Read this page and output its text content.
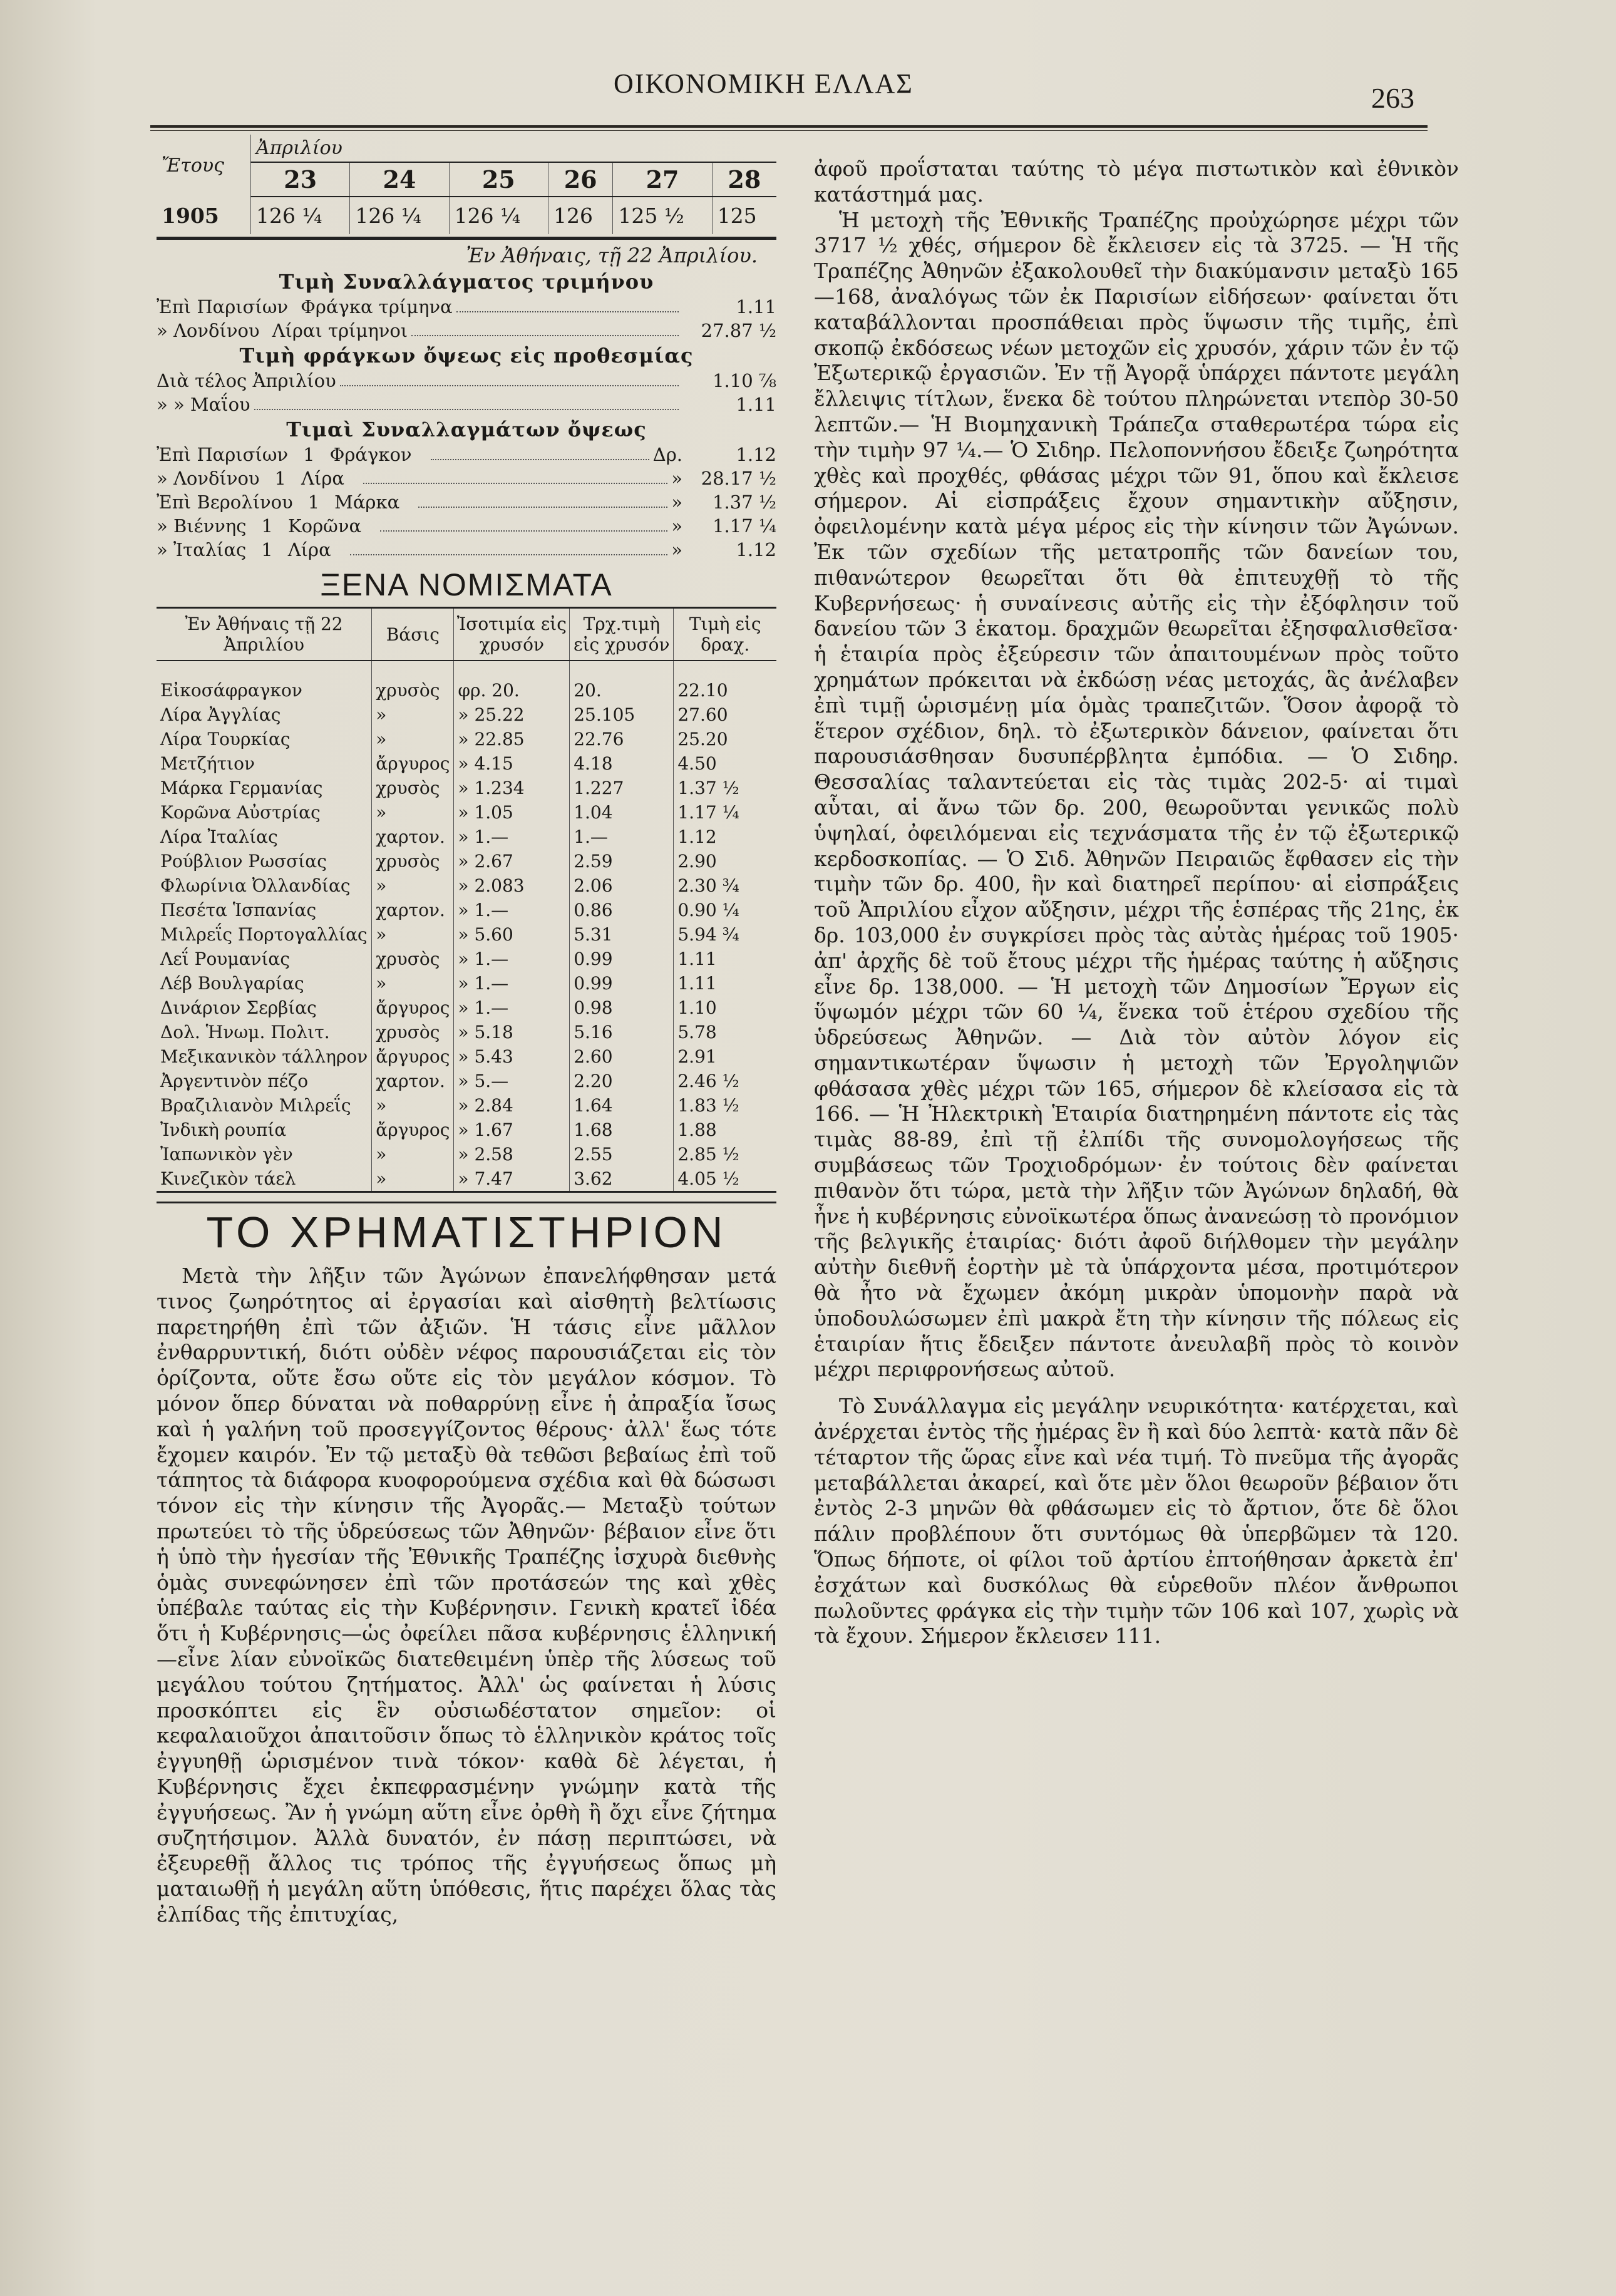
ΟΙΚΟΝΟΜΙΚΗ ΕΛΛΑΣ	263
Ἔτους	Ἀπριλίου					
	23	24	25	26	27	28
1905	126 ¼	126 ¼	126 ¼	126	125 ½	125
Ἐν Ἀθήναις, τῇ 22 Ἀπριλίου.
Τιμὴ Συναλλάγματος τριμήνου
Ἐπὶ Παρισίων Φράγκα τρίμηνα	1.11
» Λονδίνου Λίραι τρίμηνοι	27.87 ½
Τιμὴ φράγκων ὄψεως εἰς προθεσμίας
Διὰ τέλος Ἀπριλίου	1.10 ⅞
» » Μαΐου	1.11
Τιμαὶ Συναλλαγμάτων ὄψεως
Ἐπὶ Παρισίων 1 Φράγκον	Δρ.	1.12
» Λονδίνου 1 Λίρα	»	28.17 ½
Ἐπὶ Βερολίνου 1 Μάρκα	»	1.37 ½
» Βιέννης 1 Κορῶνα	»	1.17 ¼
» Ἰταλίας 1 Λίρα	»	1.12
ΞΕΝΑ ΝΟΜΙΣΜΑΤΑ
Ἐν Ἀθήναις τῇ 22 Ἀπριλίου	Βάσις	Ἰσοτιμία εἰς χρυσόν	Τρχ.τιμὴ εἰς χρυσόν	Τιμὴ εἰς δραχ.
Εἰκοσάφραγκον	χρυσὸς	φρ. 20.	20.	22.10
Λίρα Ἀγγλίας	»	» 25.22	25.105	27.60
Λίρα Τουρκίας	»	» 22.85	22.76	25.20
Μετζήτιον	ἄργυρος	» 4.15	4.18	4.50
Μάρκα Γερμανίας	χρυσὸς	» 1.234	1.227	1.37 ½
Κορῶνα Αὐστρίας	»	» 1.05	1.04	1.17 ¼
Λίρα Ἰταλίας	χαρτον.	» 1.—	1.—	1.12
Ρούβλιον Ρωσσίας	χρυσὸς	» 2.67	2.59	2.90
Φλωρίνια Ὀλλανδίας	»	» 2.083	2.06	2.30 ¾
Πεσέτα Ἱσπανίας	χαρτον.	» 1.—	0.86	0.90 ¼
Μιλρεΐς Πορτογαλλίας	»	» 5.60	5.31	5.94 ¾
Λεΐ Ρουμανίας	χρυσὸς	» 1.—	0.99	1.11
Λέβ Βουλγαρίας	»	» 1.—	0.99	1.11
Δινάριον Σερβίας	ἄργυρος	» 1.—	0.98	1.10
Δολ. Ἡνωμ. Πολιτ.	χρυσὸς	» 5.18	5.16	5.78
Μεξικανικὸν τάλληρον	ἄργυρος	» 5.43	2.60	2.91
Ἀργεντινὸν πέζο	χαρτον.	» 5.—	2.20	2.46 ½
Βραζιλιανὸν Μιλρεΐς	»	» 2.84	1.64	1.83 ½
Ἰνδικὴ ρουπία	ἄργυρος	» 1.67	1.68	1.88
Ἰαπωνικὸν γὲν	»	» 2.58	2.55	2.85 ½
Κινεζικὸν τάελ	»	» 7.47	3.62	4.05 ½
ΤΟ ΧΡΗΜΑΤΙΣΤΗΡΙΟΝ

Μετὰ τὴν λῆξιν τῶν Ἀγώνων ἐπανελήφθησαν μετά τινος ζωηρότητος αἱ ἐργασίαι καὶ αἰσθητὴ βελτίωσις παρετηρήθη ἐπὶ τῶν ἀξιῶν. Ἡ τάσις εἶνε μᾶλλον ἐνθαρρυντική, διότι οὐδὲν νέφος παρουσιάζεται εἰς τὸν ὁρίζοντα, οὔτε ἔσω οὔτε εἰς τὸν μεγάλον κόσμον. Τὸ μόνον ὅπερ δύναται νὰ ποθαρρύνῃ εἶνε ἡ ἀπραξία ἴσως καὶ ἡ γαλήνη τοῦ προσεγγίζοντος θέρους· ἀλλ' ἕως τότε ἔχομεν καιρόν. Ἐν τῷ μεταξὺ θὰ τεθῶσι βεβαίως ἐπὶ τοῦ τάπητος τὰ διάφορα κυοφορούμενα σχέδια καὶ θὰ δώσωσι τόνον εἰς τὴν κίνησιν τῆς Ἀγορᾶς.— Μεταξὺ τούτων πρωτεύει τὸ τῆς ὑδρεύσεως τῶν Ἀθηνῶν· βέβαιον εἶνε ὅτι ἡ ὑπὸ τὴν ἡγεσίαν τῆς Ἐθνικῆς Τραπέζης ἰσχυρὰ διεθνὴς ὁμὰς συνεφώνησεν ἐπὶ τῶν προτάσεών της καὶ χθὲς ὑπέβαλε ταύτας εἰς τὴν Κυβέρνησιν. Γενικὴ κρατεῖ ἰδέα ὅτι ἡ Κυβέρνησις—ὡς ὀφείλει πᾶσα κυβέρνησις ἑλληνική—εἶνε λίαν εὐνοϊκῶς διατεθειμένη ὑπὲρ τῆς λύσεως τοῦ μεγάλου τούτου ζητήματος. Ἀλλ' ὡς φαίνεται ἡ λύσις προσκόπτει εἰς ἓν οὐσιωδέστατον σημεῖον: οἱ κεφαλαιοῦχοι ἀπαιτοῦσιν ὅπως τὸ ἑλληνικὸν κράτος τοῖς ἐγγυηθῇ ὡρισμένον τινὰ τόκον· καθὰ δὲ λέγεται, ἡ Κυβέρνησις ἔχει ἐκπεφρασμένην γνώμην κατὰ τῆς ἐγγυήσεως. Ἂν ἡ γνώμη αὕτη εἶνε ὀρθὴ ἢ ὄχι εἶνε ζήτημα συζητήσιμον. Ἀλλὰ δυνατόν, ἐν πάσῃ περιπτώσει, νὰ ἐξευρεθῇ ἄλλος τις τρόπος τῆς ἐγγυήσεως ὅπως μὴ ματαιωθῇ ἡ μεγάλη αὕτη ὑπόθεσις, ἥτις παρέχει ὅλας τὰς ἐλπίδας τῆς ἐπιτυχίας,

ἀφοῦ προΐσταται ταύτης τὸ μέγα πιστωτικὸν καὶ ἐθνικὸν κατάστημά μας.

Ἡ μετοχὴ τῆς Ἐθνικῆς Τραπέζης προὐχώρησε μέχρι τῶν 3717 ½ χθές, σήμερον δὲ ἔκλεισεν εἰς τὰ 3725. — Ἡ τῆς Τραπέζης Ἀθηνῶν ἐξακολουθεῖ τὴν διακύμανσιν μεταξὺ 165—168, ἀναλόγως τῶν ἐκ Παρισίων εἰδήσεων· φαίνεται ὅτι καταβάλλονται προσπάθειαι πρὸς ὕψωσιν τῆς τιμῆς, ἐπὶ σκοπῷ ἐκδόσεως νέων μετοχῶν εἰς χρυσόν, χάριν τῶν ἐν τῷ Ἐξωτερικῷ ἐργασιῶν. Ἐν τῇ Ἀγορᾷ ὑπάρχει πάντοτε μεγάλη ἔλλειψις τίτλων, ἕνεκα δὲ τούτου πληρώνεται ντεπὸρ 30-50 λεπτῶν.— Ἡ Βιομηχανικὴ Τράπεζα σταθερωτέρα τώρα εἰς τὴν τιμὴν 97 ¼.— Ὁ Σιδηρ. Πελοποννήσου ἔδειξε ζωηρότητα χθὲς καὶ προχθές, φθάσας μέχρι τῶν 91, ὅπου καὶ ἔκλεισε σήμερον. Αἱ εἰσπράξεις ἔχουν σημαντικὴν αὔξησιν, ὀφειλομένην κατὰ μέγα μέρος εἰς τὴν κίνησιν τῶν Ἀγώνων. Ἐκ τῶν σχεδίων τῆς μετατροπῆς τῶν δανείων του, πιθανώτερον θεωρεῖται ὅτι θὰ ἐπιτευχθῇ τὸ τῆς Κυβερνήσεως· ἡ συναίνεσις αὐτῆς εἰς τὴν ἐξόφλησιν τοῦ δανείου τῶν 3 ἑκατομ. δραχμῶν θεωρεῖται ἐξησφαλισθεῖσα· ἡ ἑταιρία πρὸς ἐξεύρεσιν τῶν ἀπαιτουμένων πρὸς τοῦτο χρημάτων πρόκειται νὰ ἐκδώσῃ νέας μετοχάς, ἃς ἀνέλαβεν ἐπὶ τιμῇ ὡρισμένῃ μία ὁμὰς τραπεζιτῶν. Ὅσον ἀφορᾷ τὸ ἕτερον σχέδιον, δηλ. τὸ ἐξωτερικὸν δάνειον, φαίνεται ὅτι παρουσιάσθησαν δυσυπέρβλητα ἐμπόδια. — Ὁ Σιδηρ. Θεσσαλίας ταλαντεύεται εἰς τὰς τιμὰς 202-5· αἱ τιμαὶ αὗται, αἱ ἄνω τῶν δρ. 200, θεωροῦνται γενικῶς πολὺ ὑψηλαί, ὀφειλόμεναι εἰς τεχνάσματα τῆς ἐν τῷ ἐξωτερικῷ κερδοσκοπίας. — Ὁ Σιδ. Ἀθηνῶν Πειραιῶς ἔφθασεν εἰς τὴν τιμὴν τῶν δρ. 400, ἣν καὶ διατηρεῖ περίπου· αἱ εἰσπράξεις τοῦ Ἀπριλίου εἶχον αὔξησιν, μέχρι τῆς ἑσπέρας τῆς 21ης, ἐκ δρ. 103,000 ἐν συγκρίσει πρὸς τὰς αὐτὰς ἡμέρας τοῦ 1905· ἀπ' ἀρχῆς δὲ τοῦ ἔτους μέχρι τῆς ἡμέρας ταύτης ἡ αὔξησις εἶνε δρ. 138,000. — Ἡ μετοχὴ τῶν Δημοσίων Ἔργων εἰς ὕψωμόν μέχρι τῶν 60 ¼, ἕνεκα τοῦ ἑτέρου σχεδίου τῆς ὑδρεύσεως Ἀθηνῶν. — Διὰ τὸν αὐτὸν λόγον εἰς σημαντικωτέραν ὕψωσιν ἡ μετοχὴ τῶν Ἐργοληψιῶν φθάσασα χθὲς μέχρι τῶν 165, σήμερον δὲ κλείσασα εἰς τὰ 166. — Ἡ Ἠλεκτρικὴ Ἑταιρία διατηρημένη πάντοτε εἰς τὰς τιμὰς 88-89, ἐπὶ τῇ ἐλπίδι τῆς συνομολογήσεως τῆς συμβάσεως τῶν Τροχιοδρόμων· ἐν τούτοις δὲν φαίνεται πιθανὸν ὅτι τώρα, μετὰ τὴν λῆξιν τῶν Ἀγώνων δηλαδή, θὰ ἦνε ἡ κυβέρνησις εὐνοϊκωτέρα ὅπως ἀνανεώσῃ τὸ προνόμιον τῆς βελγικῆς ἑταιρίας· διότι ἀφοῦ διήλθομεν τὴν μεγάλην αὐτὴν διεθνῆ ἑορτὴν μὲ τὰ ὑπάρχοντα μέσα, προτιμότερον θὰ ἦτο νὰ ἔχωμεν ἀκόμη μικρὰν ὑπομονὴν παρὰ νὰ ὑποδουλώσωμεν ἐπὶ μακρὰ ἔτη τὴν κίνησιν τῆς πόλεως εἰς ἑταιρίαν ἥτις ἔδειξεν πάντοτε ἀνευλαβῆ πρὸς τὸ κοινὸν μέχρι περιφρονήσεως αὐτοῦ.

Τὸ Συνάλλαγμα εἰς μεγάλην νευρικότητα· κατέρχεται, καὶ ἀνέρχεται ἐντὸς τῆς ἡμέρας ἓν ἢ καὶ δύο λεπτὰ· κατὰ πᾶν δὲ τέταρτον τῆς ὥρας εἶνε καὶ νέα τιμή. Τὸ πνεῦμα τῆς ἀγορᾶς μεταβάλλεται ἀκαρεί, καὶ ὅτε μὲν ὅλοι θεωροῦν βέβαιον ὅτι ἐντὸς 2-3 μηνῶν θὰ φθάσωμεν εἰς τὸ ἄρτιον, ὅτε δὲ ὅλοι πάλιν προβλέπουν ὅτι συντόμως θὰ ὑπερβῶμεν τὰ 120. Ὅπως δήποτε, οἱ φίλοι τοῦ ἀρτίου ἐπτοήθησαν ἀρκετὰ ἐπ' ἐσχάτων καὶ δυσκόλως θὰ εὑρεθοῦν πλέον ἄνθρωποι πωλοῦντες φράγκα εἰς τὴν τιμὴν τῶν 106 καὶ 107, χωρὶς νὰ τὰ ἔχουν. Σήμερον ἔκλεισεν 111.
